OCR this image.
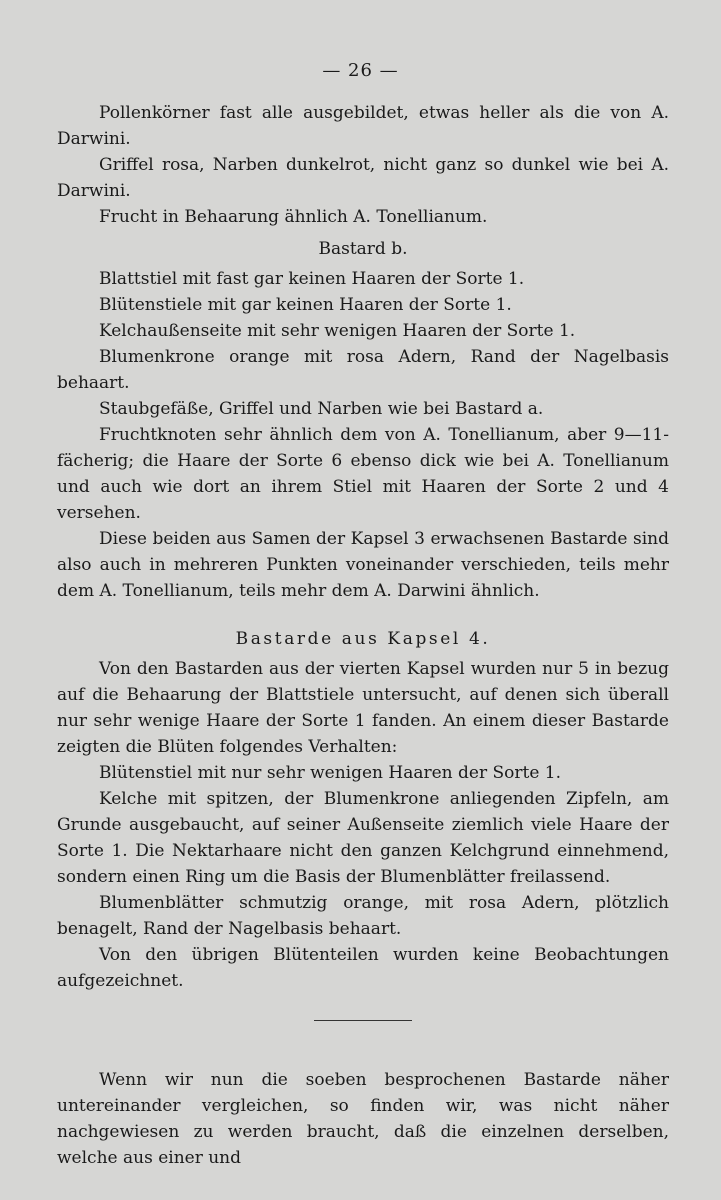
— 26 —

Pollenkörner fast alle ausgebildet, etwas heller als die von A. Darwini.

Griffel rosa, Narben dunkelrot, nicht ganz so dunkel wie bei A. Darwini.

Frucht in Behaarung ähnlich A. Tonellianum.

Bastard b.

Blattstiel mit fast gar keinen Haaren der Sorte 1.

Blütenstiele mit gar keinen Haaren der Sorte 1.

Kelchaußenseite mit sehr wenigen Haaren der Sorte 1.

Blumenkrone orange mit rosa Adern, Rand der Nagelbasis behaart.

Staubgefäße, Griffel und Narben wie bei Bastard a.

Fruchtknoten sehr ähnlich dem von A. Tonellianum, aber 9—11-fächerig; die Haare der Sorte 6 ebenso dick wie bei A. Tonellianum und auch wie dort an ihrem Stiel mit Haaren der Sorte 2 und 4 versehen.

Diese beiden aus Samen der Kapsel 3 erwachsenen Bastarde sind also auch in mehreren Punkten voneinander verschieden, teils mehr dem A. Tonellianum, teils mehr dem A. Darwini ähnlich.

Bastarde aus Kapsel 4.

Von den Bastarden aus der vierten Kapsel wurden nur 5 in bezug auf die Behaarung der Blattstiele untersucht, auf denen sich überall nur sehr wenige Haare der Sorte 1 fanden. An einem dieser Bastarde zeigten die Blüten folgendes Verhalten:

Blütenstiel mit nur sehr wenigen Haaren der Sorte 1.

Kelche mit spitzen, der Blumenkrone anliegenden Zipfeln, am Grunde ausgebaucht, auf seiner Außenseite ziemlich viele Haare der Sorte 1. Die Nektarhaare nicht den ganzen Kelchgrund einnehmend, sondern einen Ring um die Basis der Blumenblätter freilassend.

Blumenblätter schmutzig orange, mit rosa Adern, plötzlich benagelt, Rand der Nagelbasis behaart.

Von den übrigen Blütenteilen wurden keine Beobachtungen aufgezeichnet.

Wenn wir nun die soeben besprochenen Bastarde näher untereinander vergleichen, so finden wir, was nicht näher nachgewiesen zu werden braucht, daß die einzelnen derselben, welche aus einer und
